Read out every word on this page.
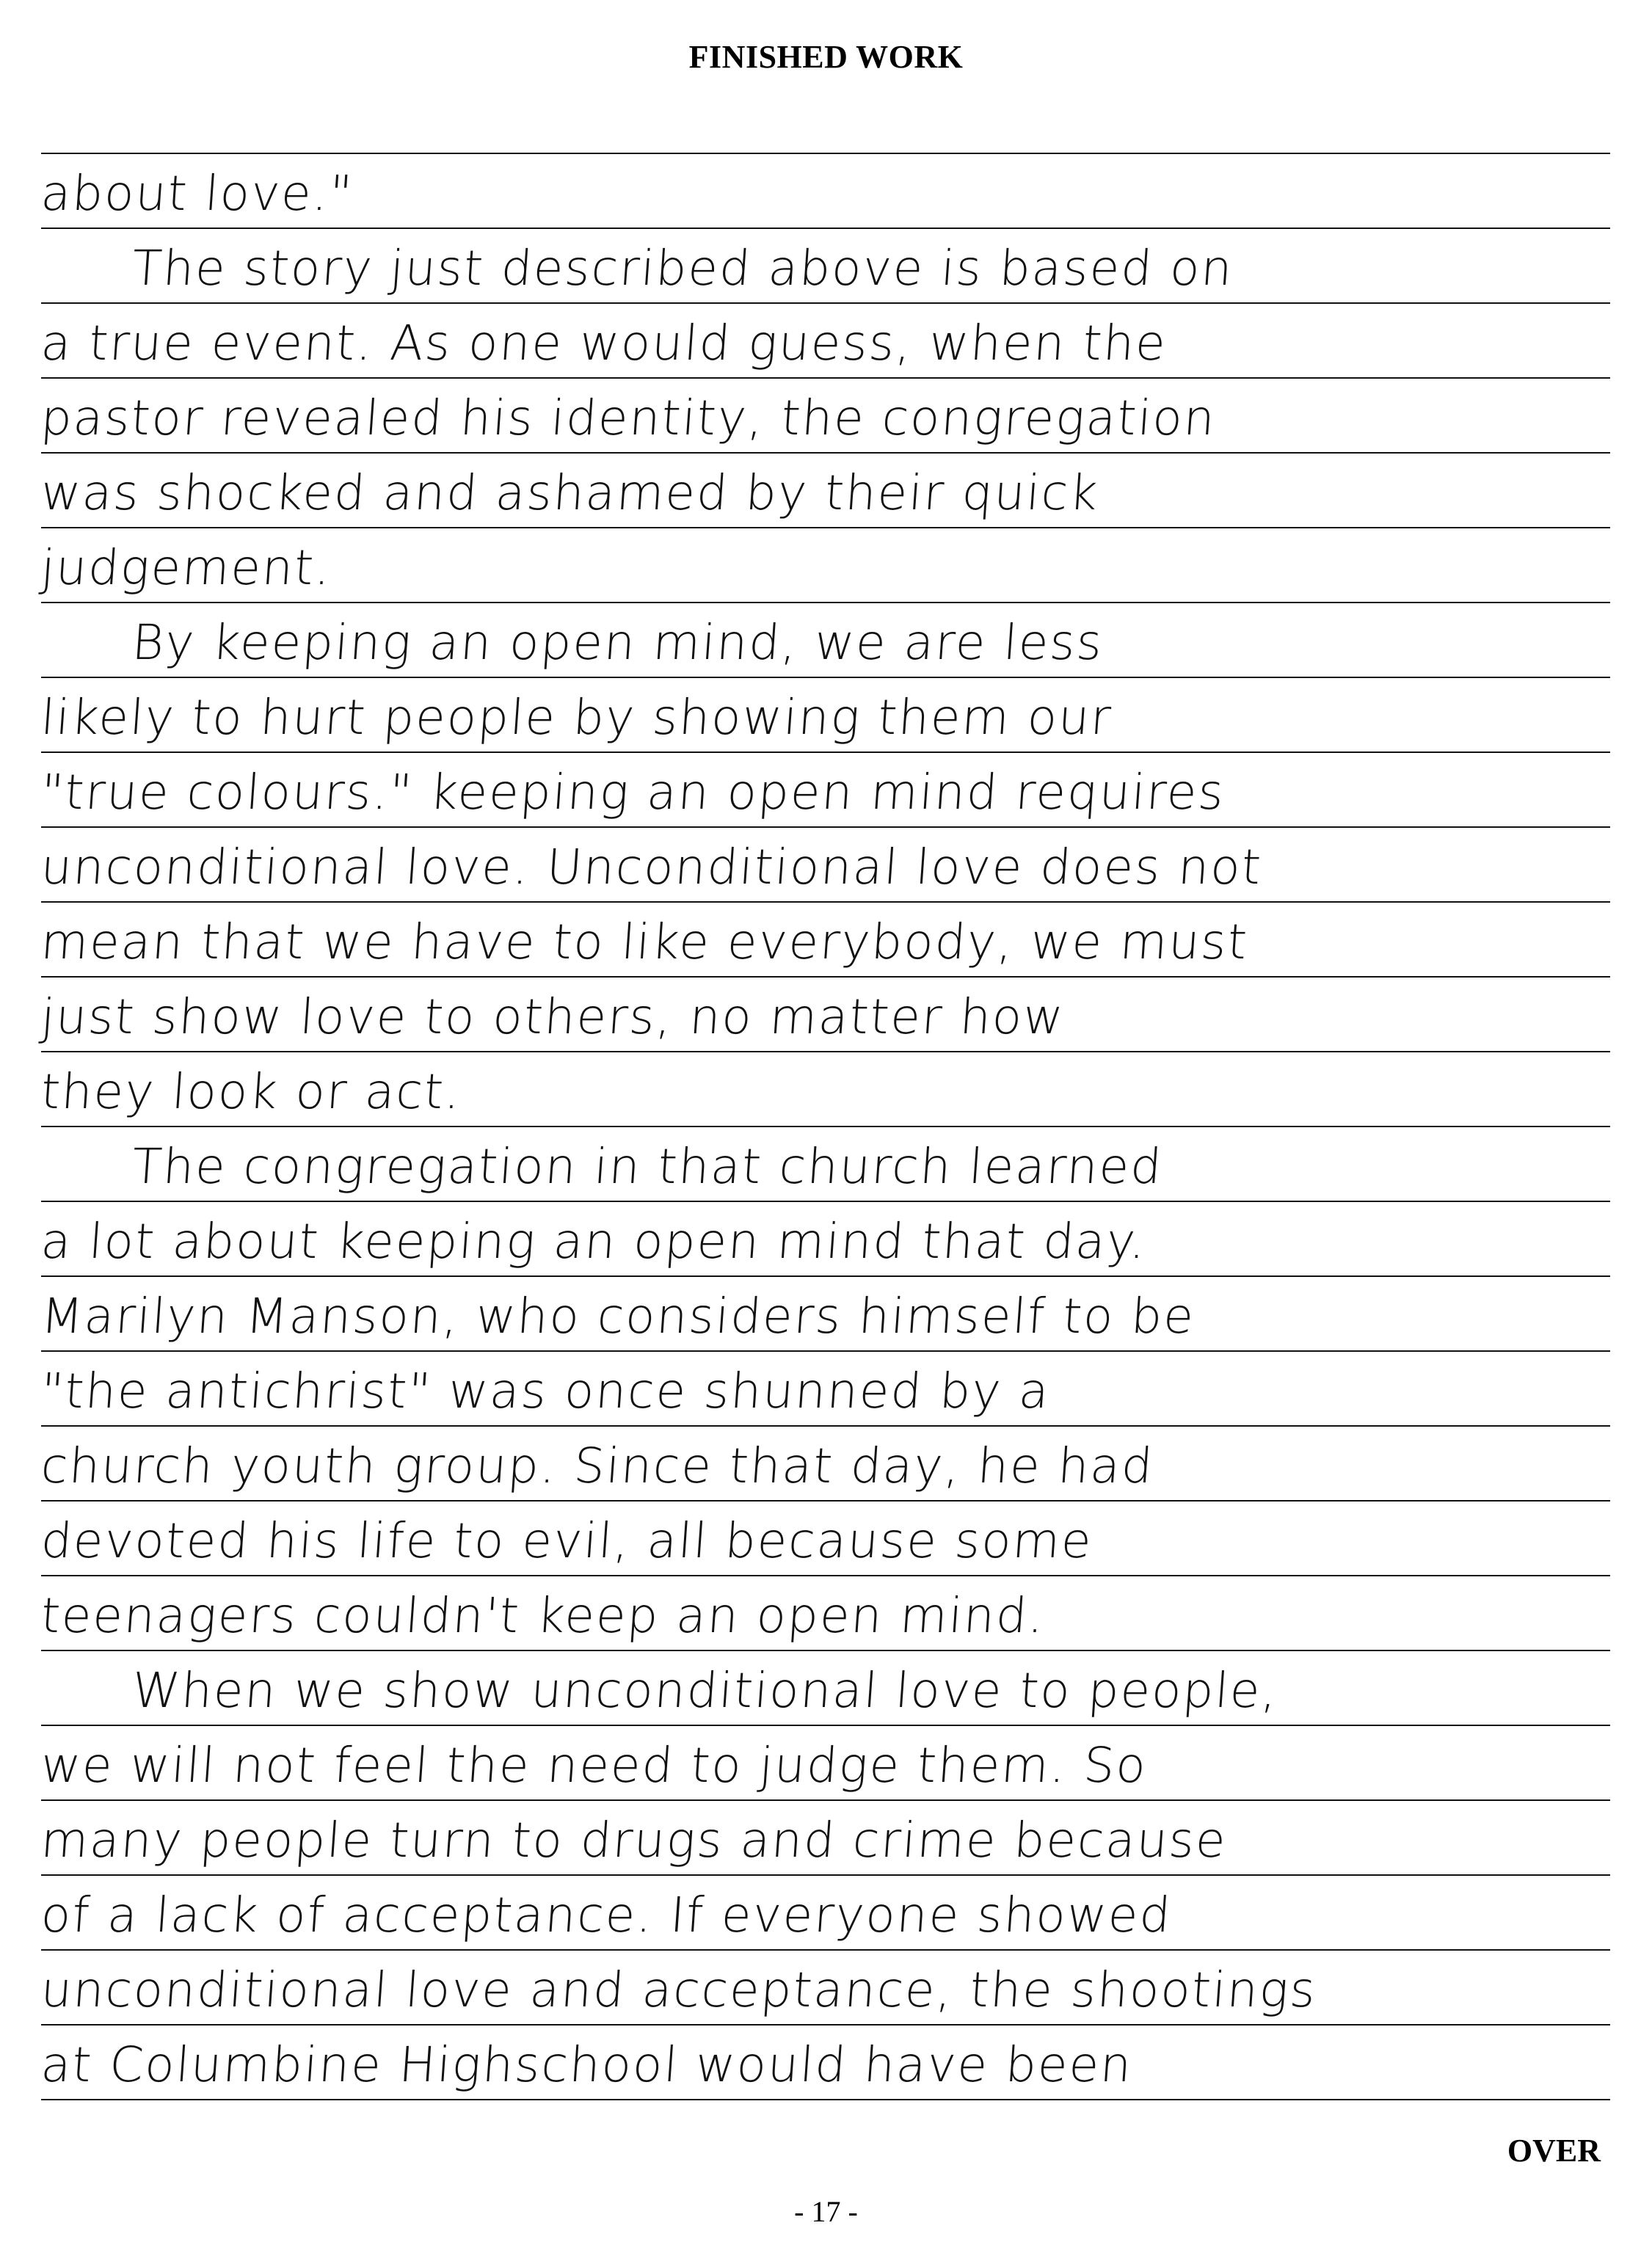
FINISHED WORK
about love."
The story just described above is based on
a true event. As one would guess, when the
pastor revealed his identity, the congregation
was shocked and ashamed by their quick
judgement.
By keeping an open mind, we are less
likely to hurt people by showing them our
"true colours." keeping an open mind requires
unconditional love. Unconditional love does not
mean that we have to like everybody, we must
just show love to others, no matter how
they look or act.
The congregation in that church learned
a lot about keeping an open mind that day.
Marilyn Manson, who considers himself to be
"the antichrist" was once shunned by a
church youth group. Since that day, he had
devoted his life to evil, all because some
teenagers couldn't keep an open mind.
When we show unconditional love to people,
we will not feel the need to judge them. So
many people turn to drugs and crime because
of a lack of acceptance. If everyone showed
unconditional love and acceptance, the shootings
at Columbine Highschool would have been
OVER
- 17 -
